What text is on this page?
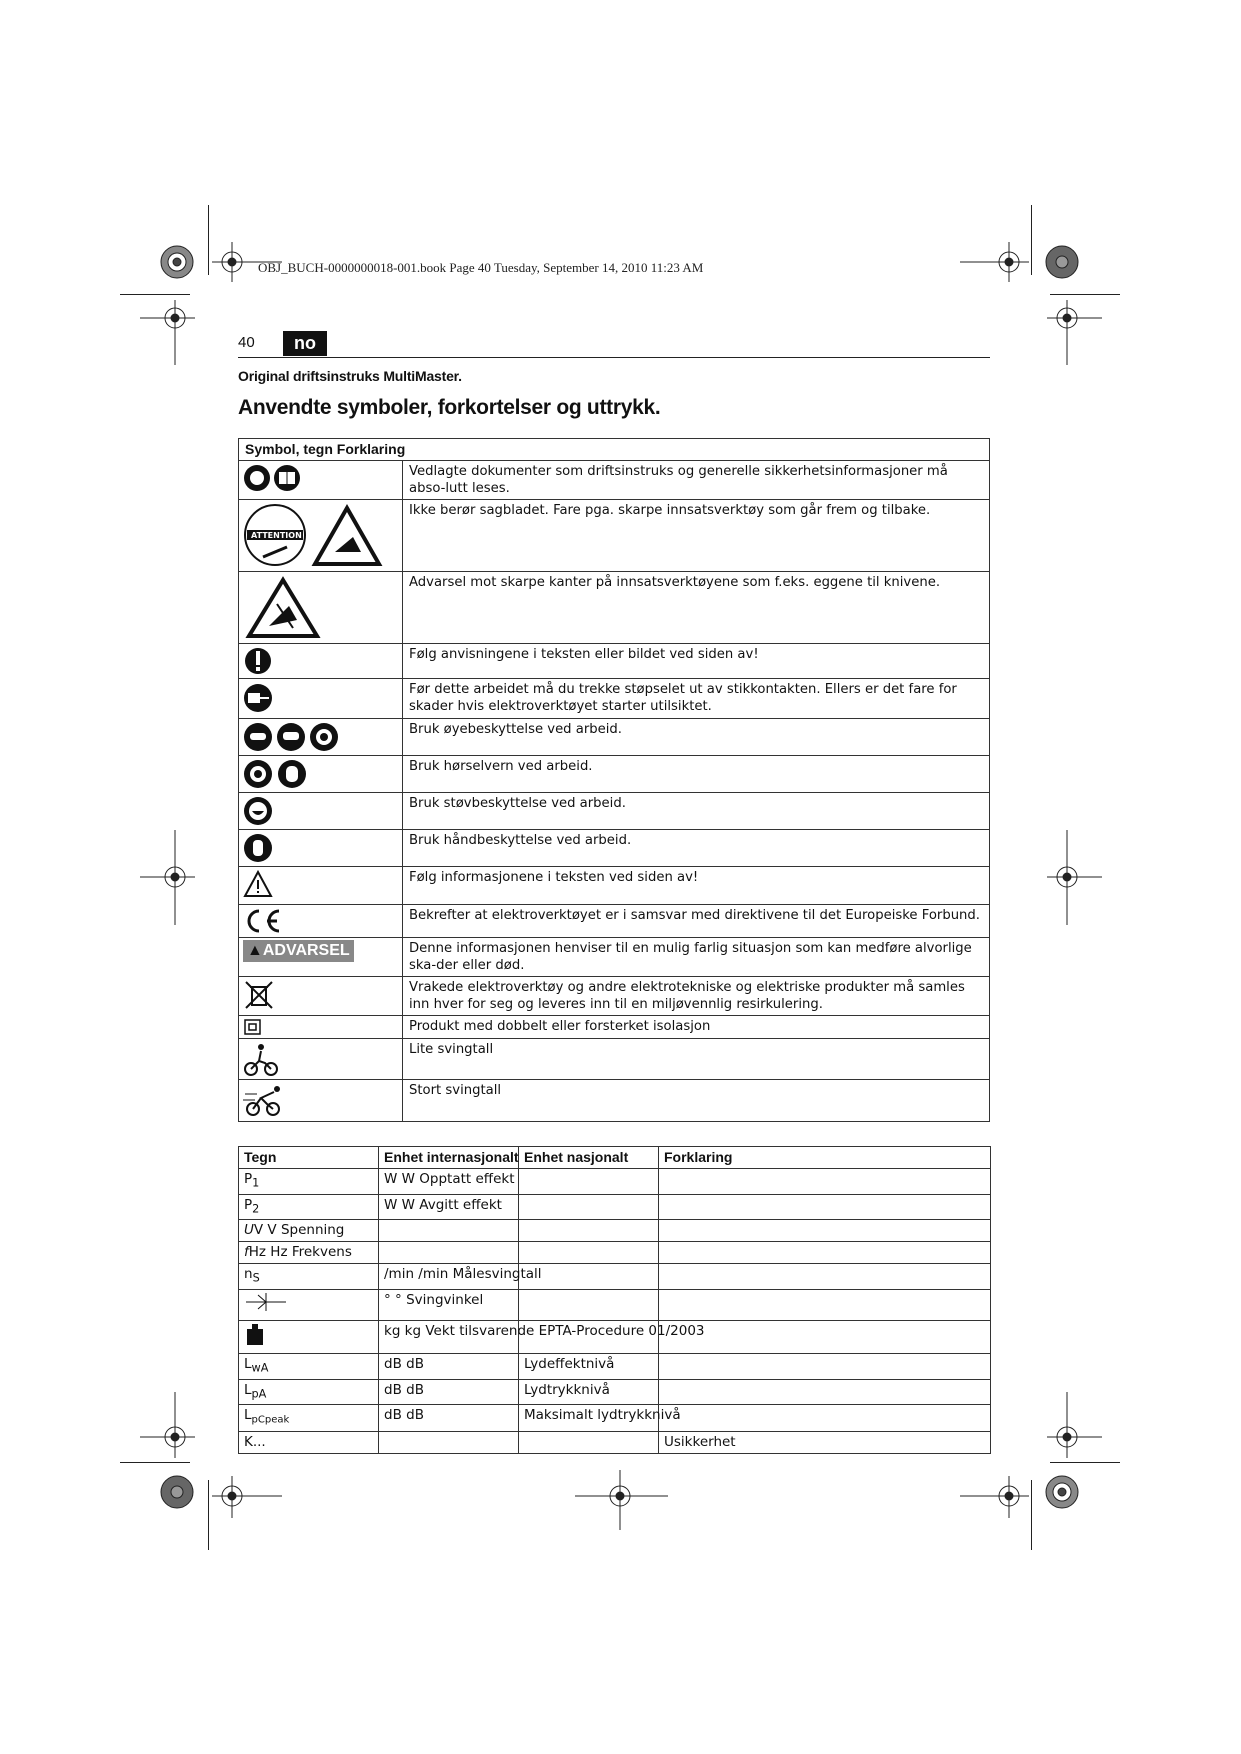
OBJ_BUCH-0000000018-001.book Page 40 Tuesday, September 14, 2010 11:23 AM
40	no
Original driftsinstruks MultiMaster.
Anvendte symboler, forkortelser og uttrykk.
Symbol, tegn Forklaring	
	Vedlagte dokumenter som driftsinstruks og generelle sikkerhetsinformasjoner må abso-lutt leses.

ATTENTION	Ikke berør sagbladet. Fare pga. skarpe innsatsverktøy som går frem og tilbake.
	Advarsel mot skarpe kanter på innsatsverktøyene som f.eks. eggene til knivene.
	Følg anvisningene i teksten eller bildet ved siden av!
	Før dette arbeidet må du trekke støpselet ut av stikkontakten. Ellers er det fare for skader hvis elektroverktøyet starter utilsiktet.
	Bruk øyebeskyttelse ved arbeid.
	Bruk hørselvern ved arbeid.
	Bruk støvbeskyttelse ved arbeid.
	Bruk håndbeskyttelse ved arbeid.
	Følg informasjonene i teksten ved siden av!
	Bekrefter at elektroverktøyet er i samsvar med direktivene til det Europeiske Forbund.
▲ADVARSEL	Denne informasjonen henviser til en mulig farlig situasjon som kan medføre alvorlige ska-der eller død.
	Vrakede elektroverktøy og andre elektrotekniske og elektriske produkter må samles inn hver for seg og leveres inn til en miljøvennlig resirkulering.
	Produkt med dobbelt eller forsterket isolasjon
	Lite svingtall
	Stort svingtall
Tegn	Enhet internasjonalt	Enhet nasjonalt	Forklaring
$P_1$	W W Opptatt effekt		
$P_2$	W W Avgitt effekt		
UV V Spenning			
fHz Hz Frekvens			
$n_S$	/min /min Målesvingtall		
	° ° Svingvinkel		
	kg kg Vekt tilsvarende EPTA-Procedure 01/2003		
$L_{wA}$	dB dB	Lydeffektnivå	
$L_{pA}$	dB dB	Lydtrykknivå	
$L_{pCpeak}$	dB dB	Maksimalt lydtrykknivå	
K...			Usikkerhet
